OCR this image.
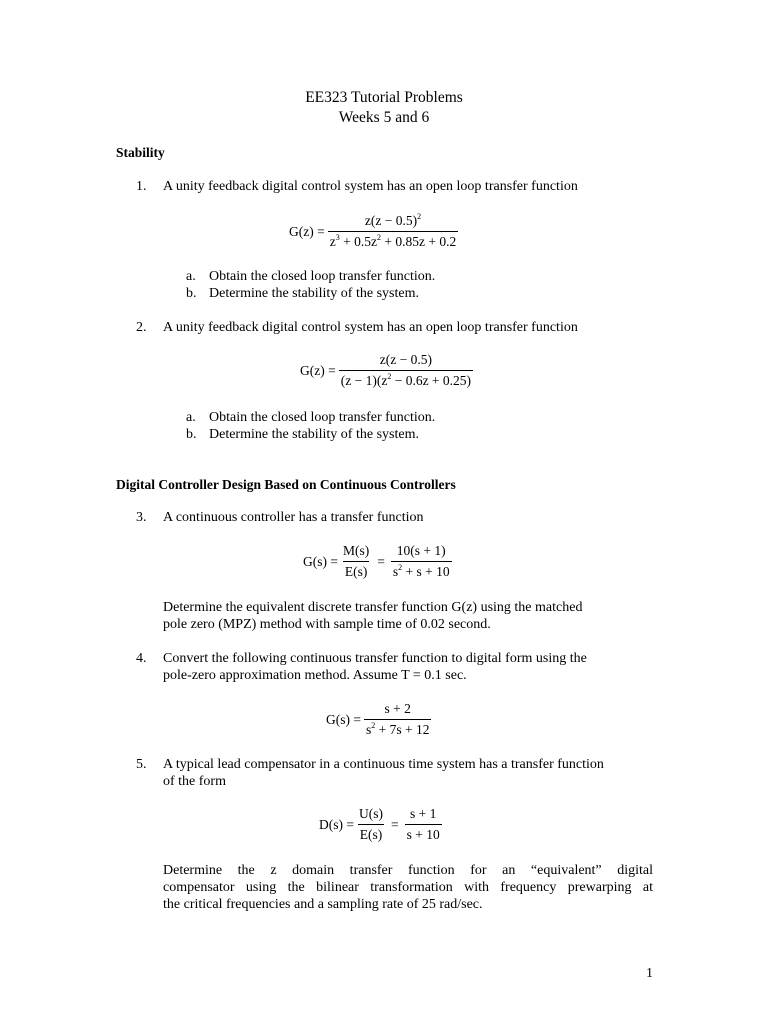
EE323 Tutorial Problems
Weeks 5 and 6
Stability
1. A unity feedback digital control system has an open loop transfer function
$G(z) = \frac{z(z - 0.5)^2}{z^3 + 0.5z^2 + 0.85z + 0.2}$
a. Obtain the closed loop transfer function.
b. Determine the stability of the system.
2. A unity feedback digital control system has an open loop transfer function
$G(z) = \frac{z(z - 0.5)}{(z - 1)(z^2 - 0.6z + 0.25)}$
a. Obtain the closed loop transfer function.
b. Determine the stability of the system.
Digital Controller Design Based on Continuous Controllers
3. A continuous controller has a transfer function
$G(s) = \frac{M(s)}{E(s)} = \frac{10(s + 1)}{s^2 + s + 10}$
Determine the equivalent discrete transfer function G(z) using the matched
pole zero (MPZ) method with sample time of 0.02 second.
4. Convert the following continuous transfer function to digital form using the
pole-zero approximation method. Assume T = 0.1 sec.
$G(s) = \frac{s + 2}{s^2 + 7s + 12}$
5. A typical lead compensator in a continuous time system has a transfer function
of the form
$D(s) = \frac{U(s)}{E(s)} = \frac{s + 1}{s + 10}$
Determine the z domain transfer function for an “equivalent” digital
compensator using the bilinear transformation with frequency prewarping at
the critical frequencies and a sampling rate of 25 rad/sec.
1
